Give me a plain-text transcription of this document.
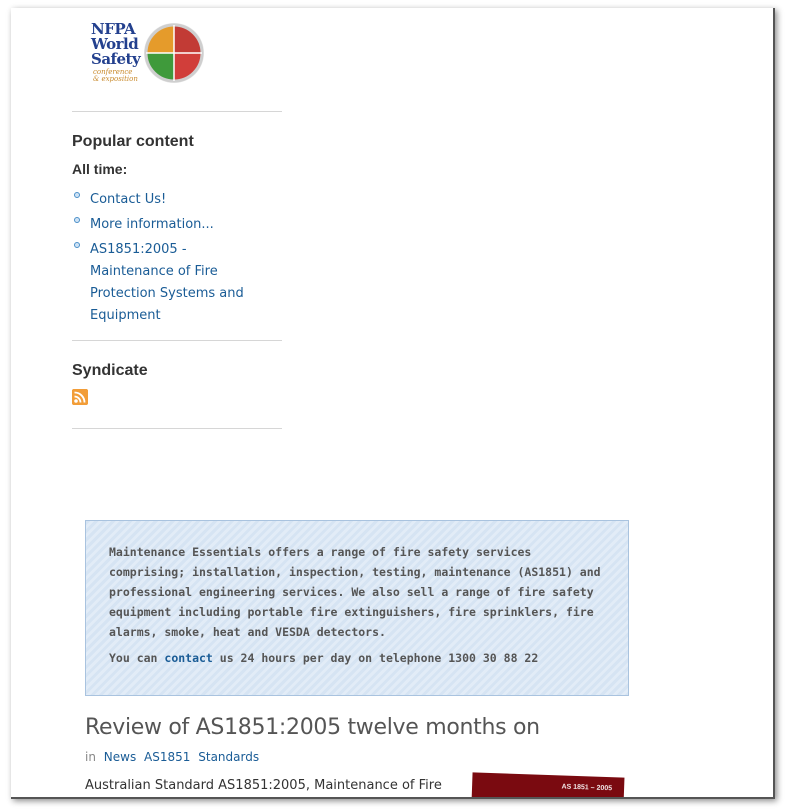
NFPA
World
Safety
conference
& exposition
Popular content
All time:
Contact Us!
More information...
AS1851:2005 - Maintenance of Fire Protection Systems and Equipment
Syndicate

Maintenance Essentials offers a range of fire safety services comprising; installation, inspection, testing, maintenance (AS1851) and professional engineering services. We also sell a range of fire safety equipment including portable fire extinguishers, fire sprinklers, fire alarms, smoke, heat and VESDA detectors.

You can contact us 24 hours per day on telephone 1300 30 88 22

Review of AS1851:2005 twelve months on
in News AS1851 Standards
Australian Standard AS1851:2005, Maintenance of Fire	AS 1851 – 2005
